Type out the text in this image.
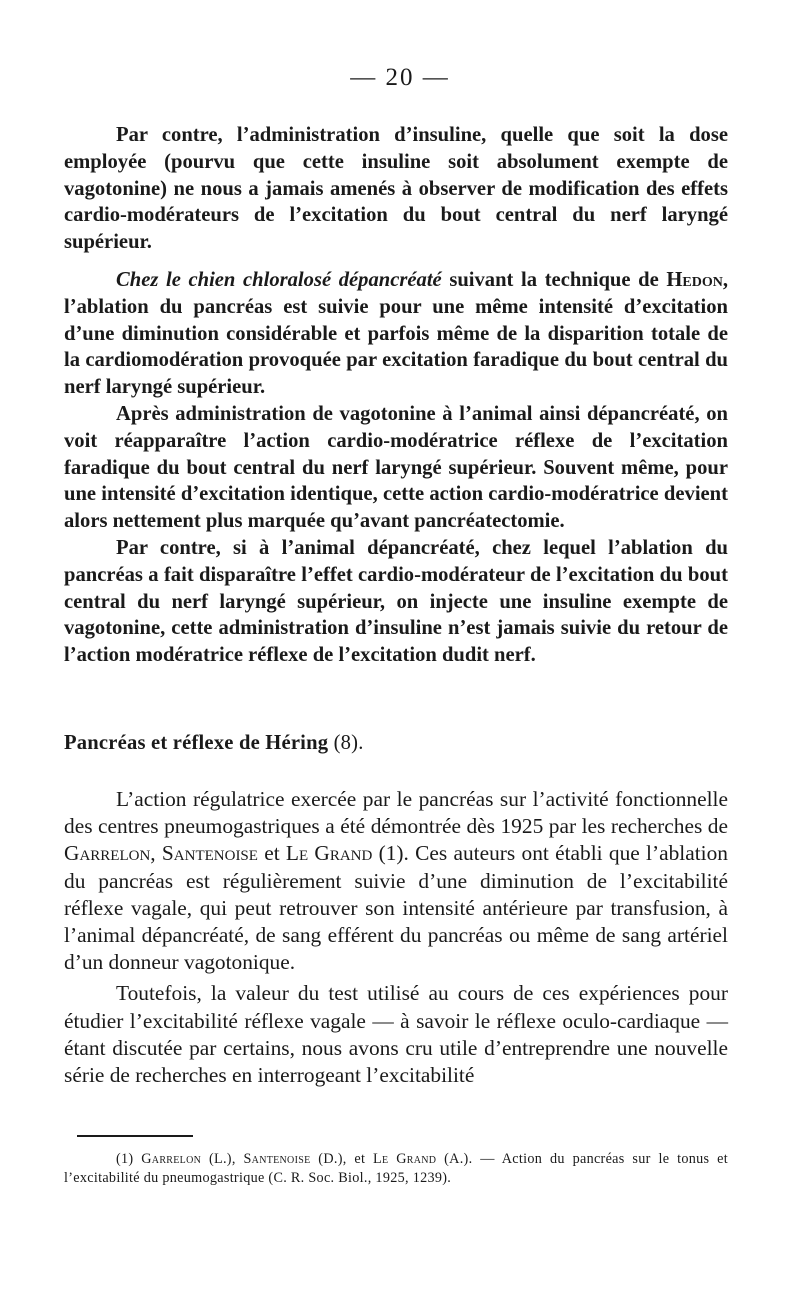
— 20 —

Par contre, l’administration d’insuline, quelle que soit la dose employée (pourvu que cette insuline soit absolument exempte de vagotonine) ne nous a jamais amenés à observer de modification des effets cardio-modérateurs de l’excitation du bout central du nerf laryngé supérieur.

Chez le chien chloralosé dépancréaté suivant la technique de Hedon, l’ablation du pancréas est suivie pour une même intensité d’excitation d’une diminution considérable et parfois même de la disparition totale de la cardiomodération provoquée par excitation faradique du bout central du nerf laryngé supérieur.

Après administration de vagotonine à l’animal ainsi dépancréaté, on voit réapparaître l’action cardio-modératrice réflexe de l’excitation faradique du bout central du nerf laryngé supérieur. Souvent même, pour une intensité d’excitation identique, cette action cardio-modératrice devient alors nettement plus marquée qu’avant pancréatectomie.

Par contre, si à l’animal dépancréaté, chez lequel l’ablation du pancréas a fait disparaître l’effet cardio-modérateur de l’excitation du bout central du nerf laryngé supérieur, on injecte une insuline exempte de vagotonine, cette administration d’insuline n’est jamais suivie du retour de l’action modératrice réflexe de l’excitation dudit nerf.

Pancréas et réflexe de Héring (8).

L’action régulatrice exercée par le pancréas sur l’activité fonctionnelle des centres pneumogastriques a été démontrée dès 1925 par les recherches de Garrelon, Santenoise et Le Grand (1). Ces auteurs ont établi que l’ablation du pancréas est régulièrement suivie d’une diminution de l’excitabilité réflexe vagale, qui peut retrouver son intensité antérieure par transfusion, à l’animal dépancréaté, de sang efférent du pancréas ou même de sang artériel d’un donneur vagotonique.

Toutefois, la valeur du test utilisé au cours de ces expériences pour étudier l’excitabilité réflexe vagale — à savoir le réflexe oculo-cardiaque — étant discutée par certains, nous avons cru utile d’entreprendre une nouvelle série de recherches en interrogeant l’excitabilité

(1) Garrelon (L.), Santenoise (D.), et Le Grand (A.). — Action du pancréas sur le tonus et l’excitabilité du pneumogastrique (C. R. Soc. Biol., 1925, 1239).
